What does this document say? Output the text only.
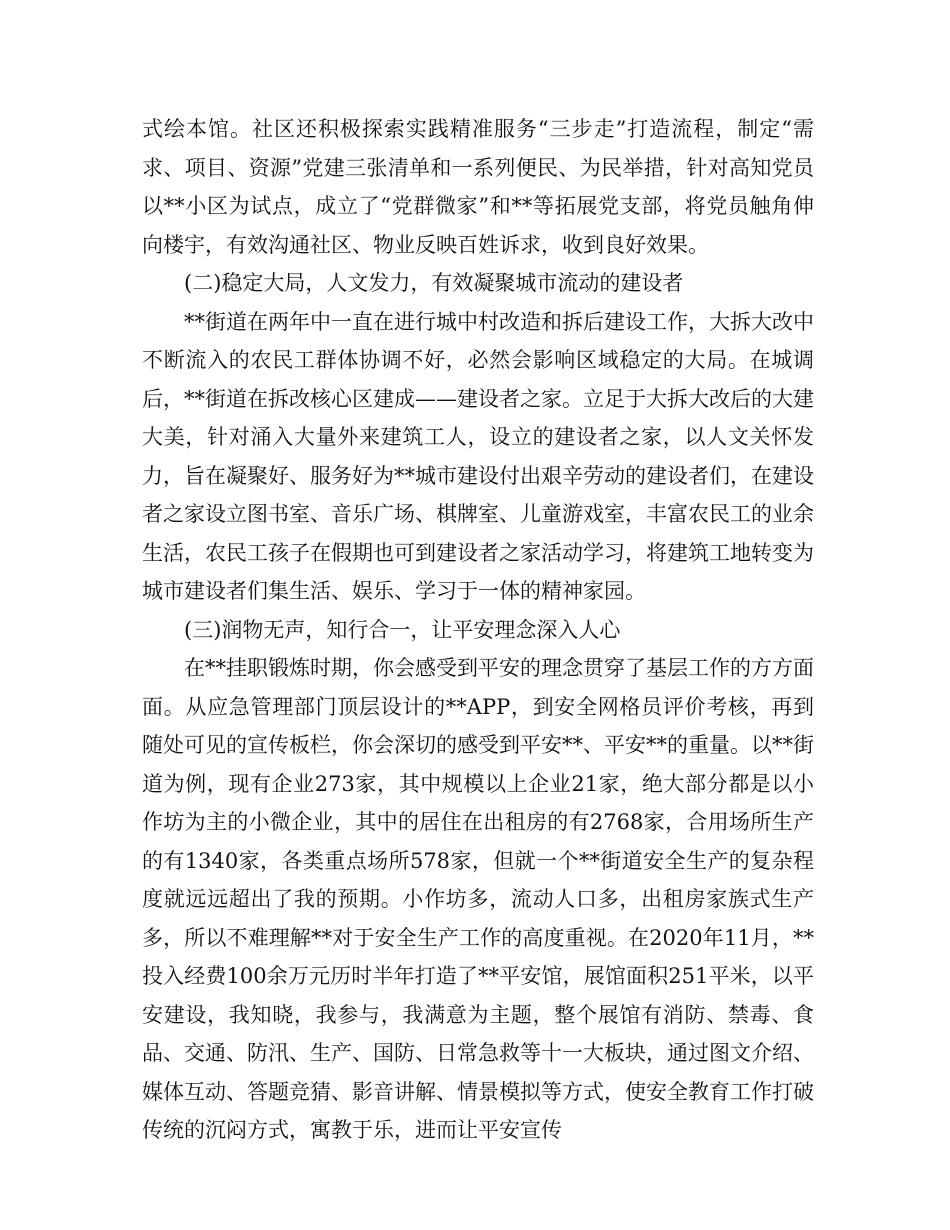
式绘本馆。社区还积极探索实践精准服务“三步走”打造流程，制定“需求、项目、资源”党建三张清单和一系列便民、为民举措，针对高知党员以**小区为试点，成立了“党群微家”和**等拓展党支部，将党员触角伸向楼宇，有效沟通社区、物业反映百姓诉求，收到良好效果。

(二)稳定大局，人文发力，有效凝聚城市流动的建设者

**街道在两年中一直在进行城中村改造和拆后建设工作，大拆大改中不断流入的农民工群体协调不好，必然会影响区域稳定的大局。在城调后，**街道在拆改核心区建成——建设者之家。立足于大拆大改后的大建大美，针对涌入大量外来建筑工人，设立的建设者之家，以人文关怀发力，旨在凝聚好、服务好为**城市建设付出艰辛劳动的建设者们，在建设者之家设立图书室、音乐广场、棋牌室、儿童游戏室，丰富农民工的业余生活，农民工孩子在假期也可到建设者之家活动学习，将建筑工地转变为城市建设者们集生活、娱乐、学习于一体的精神家园。

(三)润物无声，知行合一，让平安理念深入人心

在**挂职锻炼时期，你会感受到平安的理念贯穿了基层工作的方方面面。从应急管理部门顶层设计的**APP，到安全网格员评价考核，再到随处可见的宣传板栏，你会深切的感受到平安**、平安**的重量。以**街道为例，现有企业273家，其中规模以上企业21家，绝大部分都是以小作坊为主的小微企业，其中的居住在出租房的有2768家，合用场所生产的有1340家，各类重点场所578家，但就一个**街道安全生产的复杂程度就远远超出了我的预期。小作坊多，流动人口多，出租房家族式生产多，所以不难理解**对于安全生产工作的高度重视。在2020年11月，**投入经费100余万元历时半年打造了**平安馆，展馆面积251平米，以平安建设，我知晓，我参与，我满意为主题，整个展馆有消防、禁毒、食品、交通、防汛、生产、国防、日常急救等十一大板块，通过图文介绍、媒体互动、答题竞猜、影音讲解、情景模拟等方式，使安全教育工作打破传统的沉闷方式，寓教于乐，进而让平安宣传
